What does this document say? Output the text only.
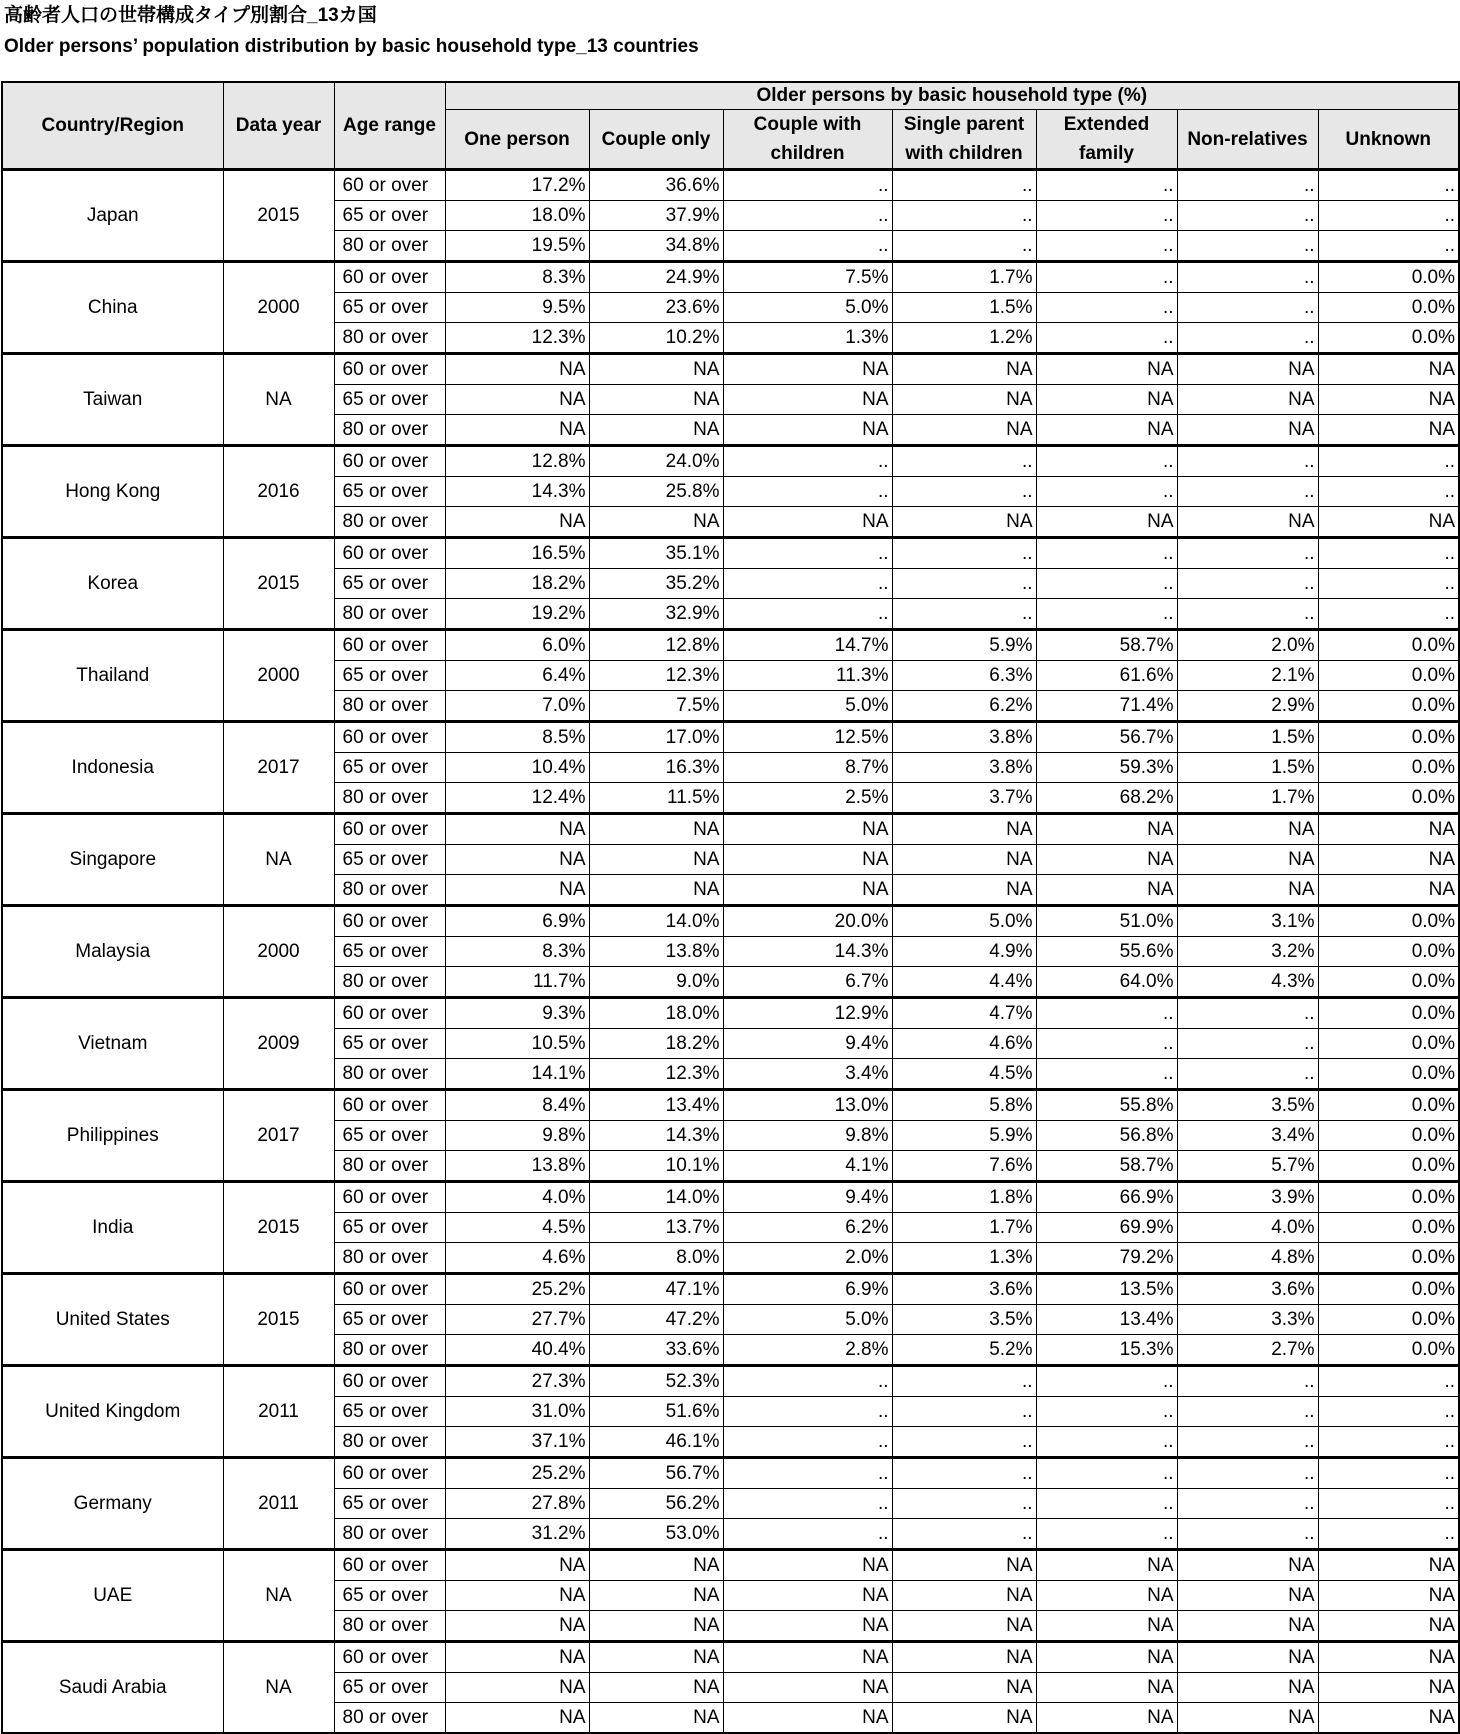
高齢者人口の世帯構成タイプ別割合_13カ国
Older persons’ population distribution by basic household type_13 countries
Country/Region	Data year	Age range	Older persons by basic household type (%)						
			One person	Couple only	Couple with children	Single parent with children	Extended family	Non-relatives	Unknown
Japan	2015	60 or over	17.2%	36.6%	..	..	..	..	..
		65 or over	18.0%	37.9%	..	..	..	..	..
		80 or over	19.5%	34.8%	..	..	..	..	..
China	2000	60 or over	8.3%	24.9%	7.5%	1.7%	..	..	0.0%
		65 or over	9.5%	23.6%	5.0%	1.5%	..	..	0.0%
		80 or over	12.3%	10.2%	1.3%	1.2%	..	..	0.0%
Taiwan	NA	60 or over	NA	NA	NA	NA	NA	NA	NA
		65 or over	NA	NA	NA	NA	NA	NA	NA
		80 or over	NA	NA	NA	NA	NA	NA	NA
Hong Kong	2016	60 or over	12.8%	24.0%	..	..	..	..	..
		65 or over	14.3%	25.8%	..	..	..	..	..
		80 or over	NA	NA	NA	NA	NA	NA	NA
Korea	2015	60 or over	16.5%	35.1%	..	..	..	..	..
		65 or over	18.2%	35.2%	..	..	..	..	..
		80 or over	19.2%	32.9%	..	..	..	..	..
Thailand	2000	60 or over	6.0%	12.8%	14.7%	5.9%	58.7%	2.0%	0.0%
		65 or over	6.4%	12.3%	11.3%	6.3%	61.6%	2.1%	0.0%
		80 or over	7.0%	7.5%	5.0%	6.2%	71.4%	2.9%	0.0%
Indonesia	2017	60 or over	8.5%	17.0%	12.5%	3.8%	56.7%	1.5%	0.0%
		65 or over	10.4%	16.3%	8.7%	3.8%	59.3%	1.5%	0.0%
		80 or over	12.4%	11.5%	2.5%	3.7%	68.2%	1.7%	0.0%
Singapore	NA	60 or over	NA	NA	NA	NA	NA	NA	NA
		65 or over	NA	NA	NA	NA	NA	NA	NA
		80 or over	NA	NA	NA	NA	NA	NA	NA
Malaysia	2000	60 or over	6.9%	14.0%	20.0%	5.0%	51.0%	3.1%	0.0%
		65 or over	8.3%	13.8%	14.3%	4.9%	55.6%	3.2%	0.0%
		80 or over	11.7%	9.0%	6.7%	4.4%	64.0%	4.3%	0.0%
Vietnam	2009	60 or over	9.3%	18.0%	12.9%	4.7%	..	..	0.0%
		65 or over	10.5%	18.2%	9.4%	4.6%	..	..	0.0%
		80 or over	14.1%	12.3%	3.4%	4.5%	..	..	0.0%
Philippines	2017	60 or over	8.4%	13.4%	13.0%	5.8%	55.8%	3.5%	0.0%
		65 or over	9.8%	14.3%	9.8%	5.9%	56.8%	3.4%	0.0%
		80 or over	13.8%	10.1%	4.1%	7.6%	58.7%	5.7%	0.0%
India	2015	60 or over	4.0%	14.0%	9.4%	1.8%	66.9%	3.9%	0.0%
		65 or over	4.5%	13.7%	6.2%	1.7%	69.9%	4.0%	0.0%
		80 or over	4.6%	8.0%	2.0%	1.3%	79.2%	4.8%	0.0%
United States	2015	60 or over	25.2%	47.1%	6.9%	3.6%	13.5%	3.6%	0.0%
		65 or over	27.7%	47.2%	5.0%	3.5%	13.4%	3.3%	0.0%
		80 or over	40.4%	33.6%	2.8%	5.2%	15.3%	2.7%	0.0%
United Kingdom	2011	60 or over	27.3%	52.3%	..	..	..	..	..
		65 or over	31.0%	51.6%	..	..	..	..	..
		80 or over	37.1%	46.1%	..	..	..	..	..
Germany	2011	60 or over	25.2%	56.7%	..	..	..	..	..
		65 or over	27.8%	56.2%	..	..	..	..	..
		80 or over	31.2%	53.0%	..	..	..	..	..
UAE	NA	60 or over	NA	NA	NA	NA	NA	NA	NA
		65 or over	NA	NA	NA	NA	NA	NA	NA
		80 or over	NA	NA	NA	NA	NA	NA	NA
Saudi Arabia	NA	60 or over	NA	NA	NA	NA	NA	NA	NA
		65 or over	NA	NA	NA	NA	NA	NA	NA
		80 or over	NA	NA	NA	NA	NA	NA	NA
